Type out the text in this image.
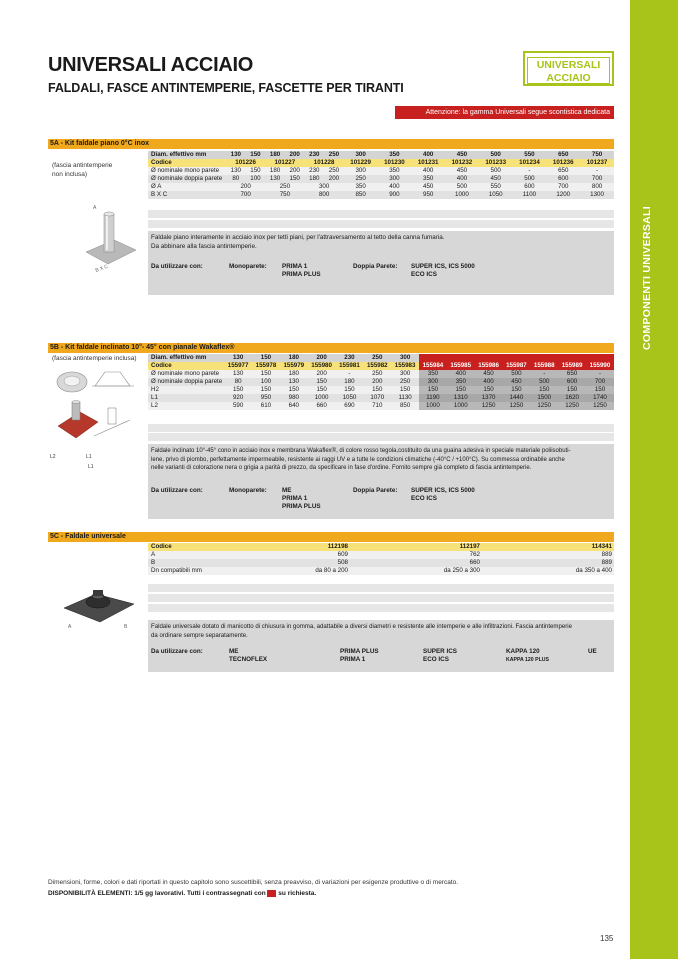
COMPONENTI UNIVERSALI
UNIVERSALI ACCIAIO
FALDALI, FASCE ANTINTEMPERIE, FASCETTE PER TIRANTI
UNIVERSALI
ACCIAIO
Attenzione: la gamma Universali segue scontistica dedicata
5A - Kit faldale piano 0°C inox
(fascia antintemperie
non inclusa)
A
B X C
Diam. effettivo mm	130	150	180	200	230	250	300	350	400	450	500	550	650	750
Codice	101226		101227		101228		101229	101230	101231	101232	101233	101234	101236	101237
Ø nominale mono parete	130	150	180	200	230	250	300	350	400	450	500	-	650	-
Ø nominale doppia parete	80	100	130	150	180	200	250	300	350	400	450	500	600	700
Ø A	200		250		300		350	400	450	500	550	600	700	800
B X C	700		750		800		850	900	950	1000	1050	1100	1200	1300
Faldale piano interamente in acciaio inox per tetti piani, per l'attraversamento al tetto della canna fumaria.
Da abbinare alla fascia antintemperie.
Da utilizzare con:	Monoparete: PRIMA 1
PRIMA PLUS
Doppia Parete: SUPER ICS, ICS 5000
ECO ICS
5B - Kit faldale inclinato 10°- 45° con pianale Wakaflex®
(fascia antintemperie inclusa)
L2	L1
L1
Diam. effettivo mm	130	150	180	200	230	250	300	350	400	450	500	550	650	750
Codice	155977	155978	155979	155980	155981	155982	155983	155984	155985	155986	155987	155988	155989	155990
Ø nominale mono parete	130	150	180	200	-	250	300	350	400	450	500	-	650	-
Ø nominale doppia parete	80	100	130	150	180	200	250	300	350	400	450	500	600	700
H2	150	150	150	150	150	150	150	150	150	150	150	150	150	150
L1	920	950	980	1000	1050	1070	1130	1190	1310	1370	1440	1500	1620	1740
L2	590	610	640	660	690	710	850	1000	1000	1250	1250	1250	1250	1250
Faldale inclinato 10°-45° cono in acciaio inox e membrana Wakaflex®, di colore rosso tegola,costituito da una guaina adesiva in speciale materiale poliisobuti-
lene, privo di piombo, perfettamente impermeabile, resistente ai raggi UV e a tutte le condizioni climatiche (-40°C / +100°C). Su commessa ordinabile anche
nelle varianti di colorazione nera o grigia a parità di prezzo, da specificare in fase d'ordine. Fornito sempre già completo di fascia antintemperie.
Da utilizzare con:	Monoparete: ME
PRIMA 1
PRIMA PLUS
Doppia Parete: SUPER ICS, ICS 5000
ECO ICS
5C - Faldale universale
A	B
Codice	112198	112197	114341
A	609	762	889
B	508	660	889
Dn compatibili mm	da 80 a 200	da 250 a 300	da 350 a 400
Faldale universale dotato di manicotto di chiusura in gomma, adattabile a diversi diametri e resistente alle intemperie e alle infiltrazioni. Fascia antintemperie
da ordinare sempre separatamente.
Da utilizzare con:	ME
TECNOFLEX
PRIMA PLUS
PRIMA 1
SUPER ICS
ECO ICS
KAPPA 120
KAPPA 120 PLUS
UE
Dimensioni, forme, colori e dati riportati in questo capitolo sono suscettibili, senza preavviso, di variazioni per esigenze produttive o di mercato.
DISPONIBILITÀ ELEMENTI: 1/5 gg lavorativi. Tutti i contrassegnati con su richiesta.
135
